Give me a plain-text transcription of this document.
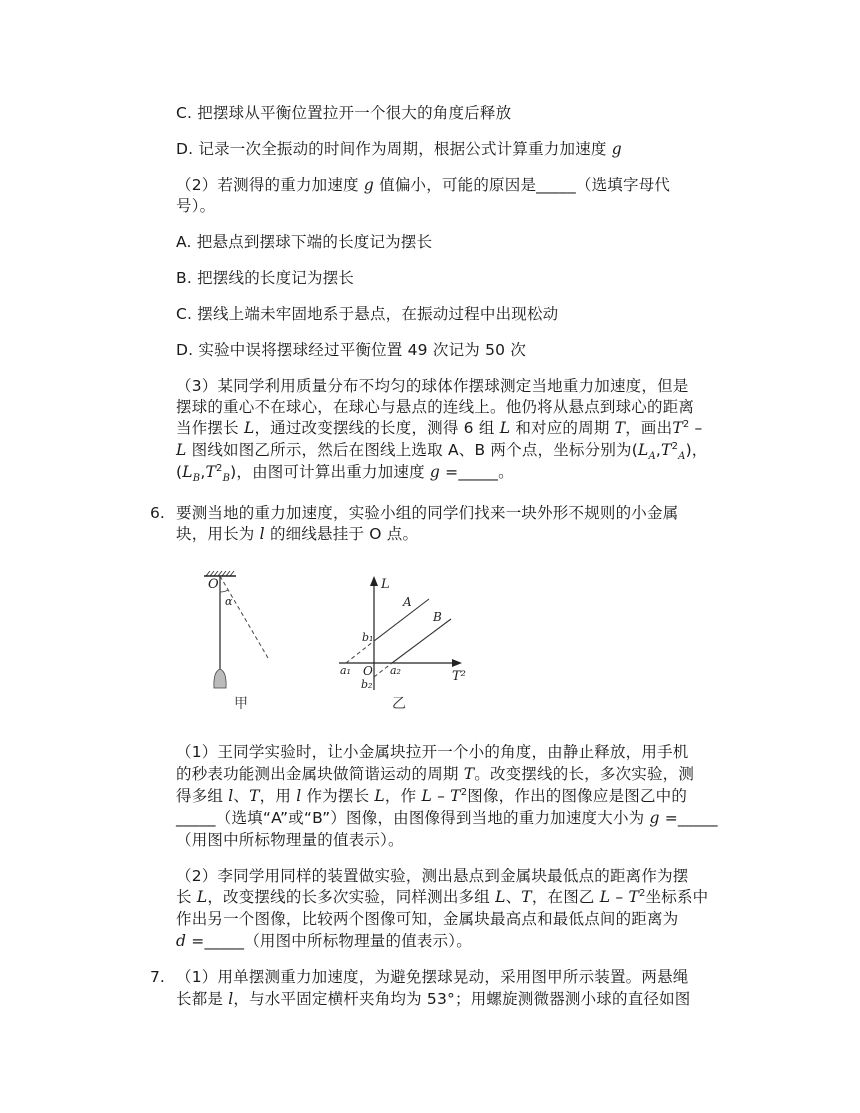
C. 把摆球从平衡位置拉开一个很大的角度后释放
D. 记录一次全振动的时间作为周期，根据公式计算重力加速度 g
（2）若测得的重力加速度 g 值偏小，可能的原因是_____（选填字母代
号）。
A. 把悬点到摆球下端的长度记为摆长
B. 把摆线的长度记为摆长
C. 摆线上端未牢固地系于悬点，在振动过程中出现松动
D. 实验中误将摆球经过平衡位置 49 次记为 50 次
（3）某同学利用质量分布不均匀的球体作摆球测定当地重力加速度，但是
摆球的重心不在球心，在球心与悬点的连线上。他仍将从悬点到球心的距离
当作摆长 L，通过改变摆线的长度，测得 6 组 L 和对应的周期 T，画出$T^2$ –
L 图线如图乙所示，然后在图线上选取 A、B 两个点，坐标分别为$(L_A,T^2_A)$，
$(L_B,T^2_B)$，由图可计算出重力加速度 g =_____。
6. 要测当地的重力加速度，实验小组的同学们找来一块外形不规则的小金属
块，用长为 l 的细线悬挂于 O 点。
O
α
甲
L
T²
A
B
b₁
a₁ O a₂
b₂
乙
（1）王同学实验时，让小金属块拉开一个小的角度，由静止释放，用手机
的秒表功能测出金属块做简谐运动的周期 T。改变摆线的长，多次实验，测
得多组 l、T，用 l 作为摆长 L，作 L – $T^2$图像，作出的图像应是图乙中的
_____（选填“A”或“B”）图像，由图像得到当地的重力加速度大小为 g =_____
（用图中所标物理量的值表示）。
（2）李同学用同样的装置做实验，测出悬点到金属块最低点的距离作为摆
长 L，改变摆线的长多次实验，同样测出多组 L、T，在图乙 L – $T^2$坐标系中
作出另一个图像，比较两个图像可知，金属块最高点和最低点间的距离为
d =_____（用图中所标物理量的值表示）。
7. （1）用单摆测重力加速度，为避免摆球晃动，采用图甲所示装置。两悬绳
长都是 l，与水平固定横杆夹角均为 53°；用螺旋测微器测小球的直径如图
